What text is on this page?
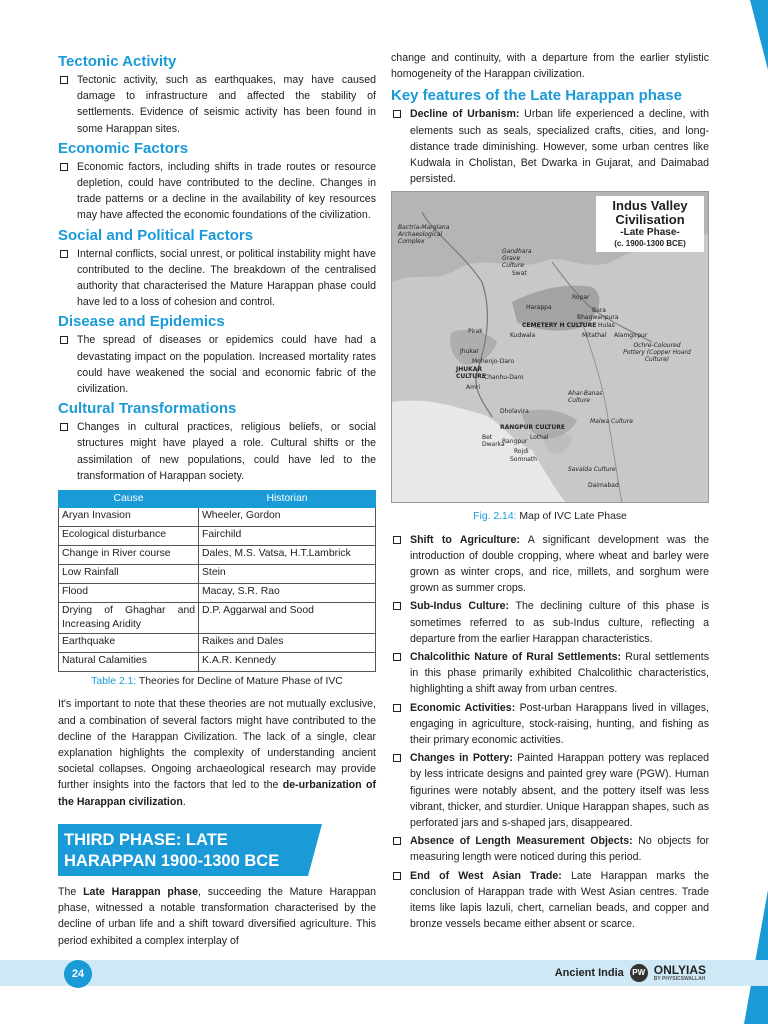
Tectonic Activity
Tectonic activity, such as earthquakes, may have caused damage to infrastructure and affected the stability of settlements. Evidence of seismic activity has been found in some Harappan sites.
Economic Factors
Economic factors, including shifts in trade routes or resource depletion, could have contributed to the decline. Changes in trade patterns or a decline in the availability of key resources may have affected the economic foundations of the civilization.
Social and Political Factors
Internal conflicts, social unrest, or political instability might have contributed to the decline. The breakdown of the centralised authority that characterised the Mature Harappan phase could have led to a loss of cohesion and control.
Disease and Epidemics
The spread of diseases or epidemics could have had a devastating impact on the population. Increased mortality rates could have weakened the social and economic fabric of the civilization.
Cultural Transformations
Changes in cultural practices, religious beliefs, or social structures might have played a role. Cultural shifts or the assimilation of new populations, could have led to the transformation of Harappan society.
Cause	Historian
Aryan Invasion	Wheeler, Gordon
Ecological disturbance	Fairchild
Change in River course	Dales, M.S. Vatsa, H.T.Lambrick
Low Rainfall	Stein
Flood	Macay, S.R. Rao
Drying of Ghaghar and Increasing Aridity	D.P. Aggarwal and Sood
Earthquake	Raikes and Dales
Natural Calamities	K.A.R. Kennedy
Table 2.1: Theories for Decline of Mature Phase of IVC

It's important to note that these theories are not mutually exclusive, and a combination of several factors might have contributed to the decline of the Harappan Civilization. The lack of a single, clear explanation highlights the complexity of understanding ancient societal collapses. Ongoing archaeological research may provide further insights into the factors that led to the de-urbanization of the Harappan civilization.

THIRD PHASE: LATE
HARAPPAN 1900-1300 BCE

The Late Harappan phase, succeeding the Mature Harappan phase, witnessed a notable transformation characterised by the decline of urban life and a shift toward diversified agriculture. This period exhibited a complex interplay of

change and continuity, with a departure from the earlier stylistic homogeneity of the Harappan civilization.

Key features of the Late Harappan phase
Decline of Urbanism: Urban life experienced a decline, with elements such as seals, specialized crafts, cities, and long-distance trade diminishing. However, some urban centres like Kudwala in Cholistan, Bet Dwarka in Gujarat, and Daimabad persisted.
Indus Valley
Civilisation
-Late Phase-
(c. 1900-1300 BCE)
Bactria-Margiana Archaeological Complex
Gandhara Grave Culture
Swat
Harappa
Ropar
Bara
Bhagwanpura
CEMETERY H CULTURE Hulas
Kudwala	Mitathal Alamgirpur
Ochre-Coloured Pottery (Copper Hoard Culture)
Pirak
Jhukar
Mohenjo-Daro
JHUKAR CULTURE
Chanhu-Daro
Amri
Ahar-Banas Culture
Dholavira
RANGPUR CULTURE
Bet Dwarka
Rangpur
Lothal
Rojdi
Somnath
Malwa Culture
Savalda Culture
Daimabad
Fig. 2.14: Map of IVC Late Phase
Shift to Agriculture: A significant development was the introduction of double cropping, where wheat and barley were grown as winter crops, and rice, millets, and sorghum were grown as summer crops.
Sub-Indus Culture: The declining culture of this phase is sometimes referred to as sub-Indus culture, reflecting a departure from the earlier Harappan characteristics.
Chalcolithic Nature of Rural Settlements: Rural settlements in this phase primarily exhibited Chalcolithic characteristics, highlighting a shift away from urban centres.
Economic Activities: Post-urban Harappans lived in villages, engaging in agriculture, stock-raising, hunting, and fishing as their primary economic activities.
Changes in Pottery: Painted Harappan pottery was replaced by less intricate designs and painted grey ware (PGW). Human figurines were notably absent, and the pottery itself was less vibrant, thicker, and sturdier. Unique Harappan shapes, such as perforated jars and s-shaped jars, disappeared.
Absence of Length Measurement Objects: No objects for measuring length were noticed during this period.
End of West Asian Trade: Late Harappan marks the conclusion of Harappan trade with West Asian centres. Trade items like lapis lazuli, chert, carnelian beads, and copper and bronze vessels became either absent or scarce.
24	Ancient India	PW ONLYIAS
BY PHYSICSWALLAH
